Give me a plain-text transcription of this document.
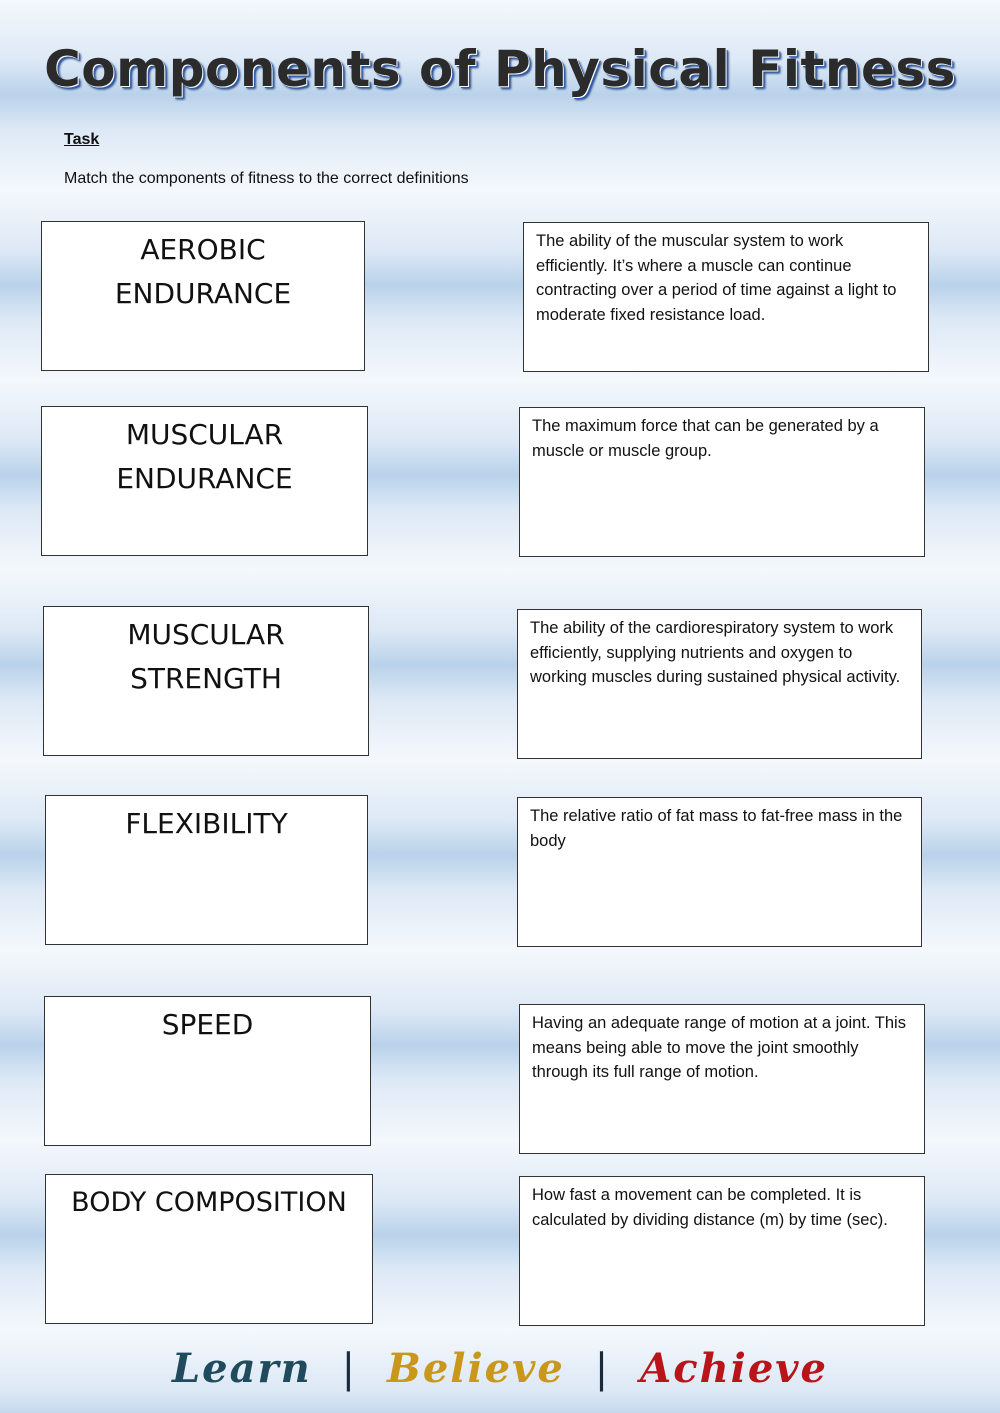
Components of Physical Fitness
Task
Match the components of fitness to the correct definitions
AEROBIC ENDURANCE
MUSCULAR ENDURANCE
MUSCULAR STRENGTH
FLEXIBILITY
SPEED
BODY COMPOSITION
The ability of the muscular system to work efficiently. It’s where a muscle can continue contracting over a period of time against a light to moderate fixed resistance load.
The maximum force that can be generated by a muscle or muscle group.
The ability of the cardiorespiratory system to work efficiently, supplying nutrients and oxygen to working muscles during sustained physical activity.
The relative ratio of fat mass to fat-free mass in the body
Having an adequate range of motion at a joint. This means being able to move the joint smoothly through its full range of motion.
How fast a movement can be completed. It is calculated by dividing distance (m) by time (sec).
Learn | Believe | Achieve
